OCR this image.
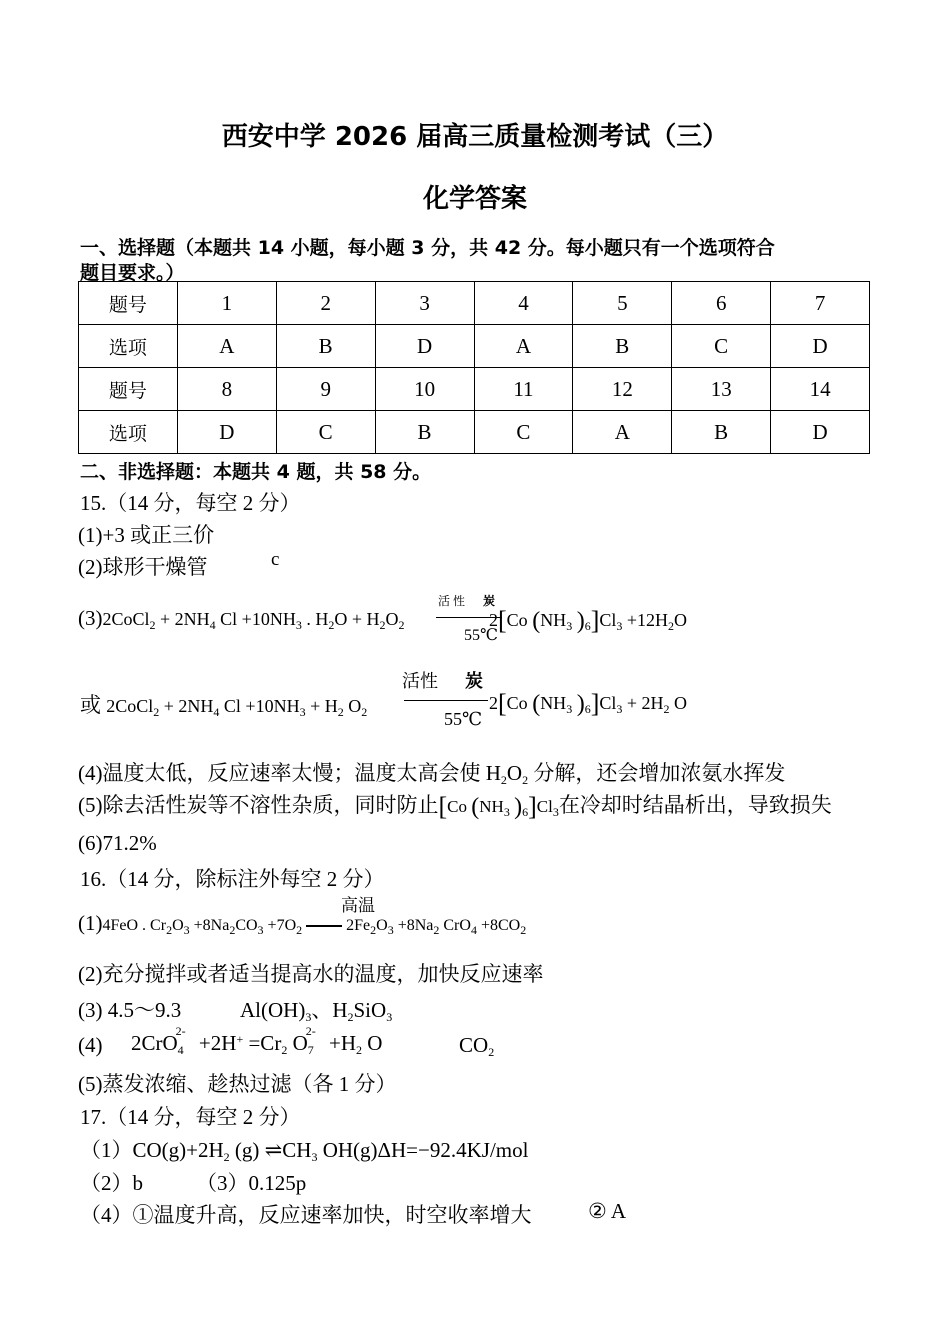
西安中学 2026 届高三质量检测考试（三）
化学答案
一、选择题（本题共 14 小题，每小题 3 分，共 42 分。每小题只有一个选项符合
题目要求。）
题号	1	2	3	4	5	6	7
选项	A	B	D	A	B	C	D
题号	8	9	10	11	12	13	14
选项	D	C	B	C	A	B	D
二、非选择题：本题共 4 题，共 58 分。
15.（14 分，每空 2 分）
(1)+3 或正三价
(2)球形干燥管	c
(3)2CoCl$_2$ + $2NH_4$ $Cl +10NH_3$ . $H_2O + H_2O_2$
活 性 炭
55℃
2[Co ($NH_3$ )$_6]Cl_3 +12H_2O$
或 2CoCl$_2$ + $2NH_4$ $Cl +10NH_3 + H_2$ $O_2$
活性 炭
55℃
2[Co ($NH_3$ )$_6]Cl_3 + 2H_2$ O
(4)温度太低，反应速率太慢；温度太高会使 $H_2O_2$ 分解，还会增加浓氨水挥发
(5)除去活性炭等不溶性杂质，同时防止[Co ($NH_3$ )$_6]Cl_3$在冷却时结晶析出，导致损失
(6)71.2%
16.（14 分，除标注外每空 2 分）
高温
(1)4FeO . $Cr_2O_3 +8Na_2CO_3 +7O_2$	$2Fe_2O_3 +8Na_2$ $CrO_4 +8CO_2$
(2)充分搅拌或者适当提高水的温度，加快反应速率
(3) 4.5～9.3	$Al(OH)_3$、$H_2SiO_3$
(4) $2CrO_4^{2-} +2H^+ =Cr_2$ $O_7^{2-} +H_2$ O	$CO_2$
(5)蒸发浓缩、趁热过滤（各 1 分）
17.（14 分，每空 2 分）
$(1)CO(g)+2H_2$ (g) $\rightleftharpoons CH_3$ OH(g)ΔH=−92.4KJ/mol
（2）b	（3）0.125p
（4）①温度升高，反应速率加快，时空收率增大	② A
